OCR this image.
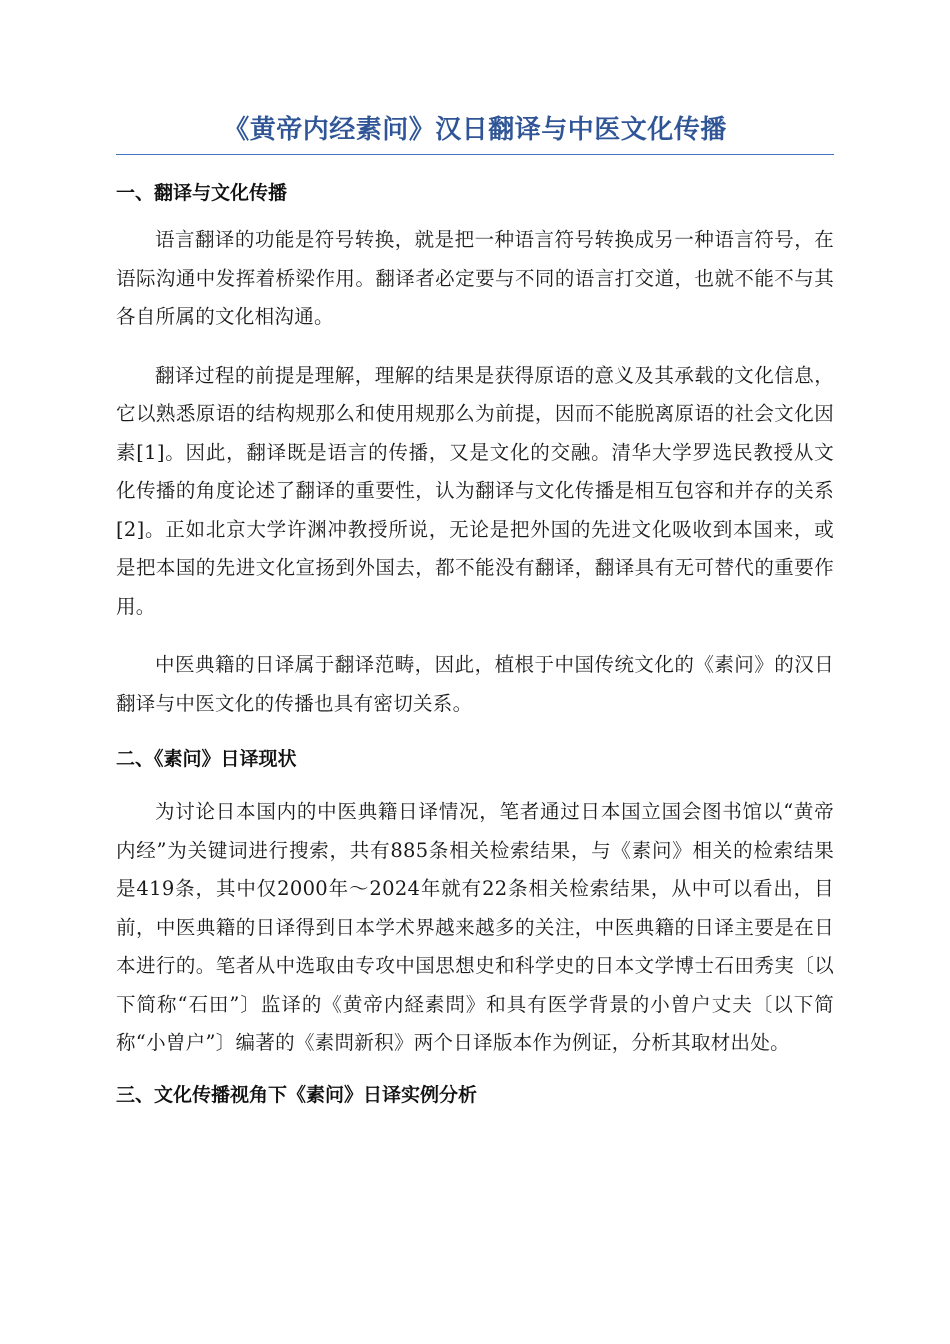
《黄帝内经素问》汉日翻译与中医文化传播
一、翻译与文化传播

语言翻译的功能是符号转换，就是把一种语言符号转换成另一种语言符号，在语际沟通中发挥着桥梁作用。翻译者必定要与不同的语言打交道，也就不能不与其各自所属的文化相沟通。

翻译过程的前提是理解，理解的结果是获得原语的意义及其承载的文化信息，它以熟悉原语的结构规那么和使用规那么为前提，因而不能脱离原语的社会文化因素[1]。因此，翻译既是语言的传播，又是文化的交融。清华大学罗选民教授从文化传播的角度论述了翻译的重要性，认为翻译与文化传播是相互包容和并存的关系[2]。正如北京大学许渊冲教授所说，无论是把外国的先进文化吸收到本国来，或是把本国的先进文化宣扬到外国去，都不能没有翻译，翻译具有无可替代的重要作用。

中医典籍的日译属于翻译范畴，因此，植根于中国传统文化的《素问》的汉日翻译与中医文化的传播也具有密切关系。

二、《素问》日译现状

为讨论日本国内的中医典籍日译情况，笔者通过日本国立国会图书馆以“黄帝内经”为关键词进行搜索，共有885条相关检索结果，与《素问》相关的检索结果是419条，其中仅2000年～2024年就有22条相关检索结果，从中可以看出，目前，中医典籍的日译得到日本学术界越来越多的关注，中医典籍的日译主要是在日本进行的。笔者从中选取由专攻中国思想史和科学史的日本文学博士石田秀実〔以下简称“石田”〕监译的《黄帝内経素問》和具有医学背景的小曽户丈夫〔以下简称“小曽户”〕编著的《素問新积》两个日译版本作为例证，分析其取材出处。

三、文化传播视角下《素问》日译实例分析
